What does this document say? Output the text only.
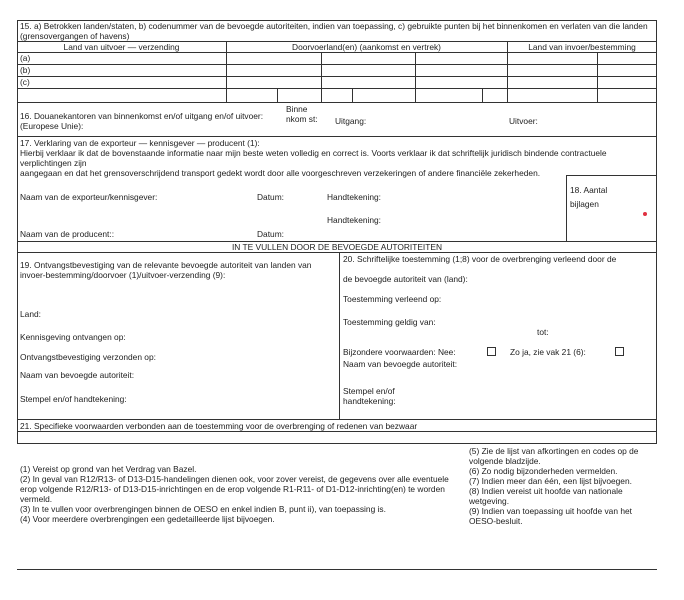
15. a) Betrokken landen/staten, b) codenummer van de bevoegde autoriteiten, indien van toepassing, c) gebruikte punten bij het binnenkomen en verlaten van die landen (grensovergangen of havens)
Land van uitvoer — verzending	Doorvoerland(en) (aankomst en vertrek)	Land van invoer/bestemming
(a)
(b)
(c)
16. Douanekantoren van binnenkomst en/of uitgang en/of uitvoer: (Europese Unie):
Binne nkom st:	Uitgang:	Uitvoer:
17. Verklaring van de exporteur — kennisgever — producent (1):
Hierbij verklaar ik dat de bovenstaande informatie naar mijn beste weten volledig en correct is. Voorts verklaar ik dat schriftelijk juridisch bindende contractuele verplichtingen zijn
aangegaan en dat het grensoverschrijdend transport gedekt wordt door alle voorgeschreven verzekeringen of andere financiële zekerheden.
Naam van de exporteur/kennisgever:	Datum:	Handtekening:
Handtekening:
Naam van de producent::	Datum:
18. Aantal bijlagen
IN TE VULLEN DOOR DE BEVOEGDE AUTORITEITEN
19. Ontvangstbevestiging van de relevante bevoegde autoriteit van landen van invoer-bestemming/doorvoer (1)/uitvoer-verzending (9):
Land:
Kennisgeving ontvangen op:
Ontvangstbevestiging verzonden op:
Naam van bevoegde autoriteit:
Stempel en/of handtekening:
20. Schriftelijke toestemming (1;8) voor de overbrenging verleend door de
de bevoegde autoriteit van (land):
Toestemming verleend op:
Toestemming geldig van:
tot:
Bijzondere voorwaarden: Nee:	Zo ja, zie vak 21 (6):
Naam van bevoegde autoriteit:
Stempel en/of handtekening:
21. Specifieke voorwaarden verbonden aan de toestemming voor de overbrenging of redenen van bezwaar
(1) Vereist op grond van het Verdrag van Bazel.
(2) In geval van R12/R13- of D13-D15-handelingen dienen ook, voor zover vereist, de gegevens over alle eventuele erop volgende R12/R13- of D13-D15-inrichtingen en de erop volgende R1-R11- of D1-D12-inrichting(en) te worden vermeld.
(3) In te vullen voor overbrengingen binnen de OESO en enkel indien B, punt ii), van toepassing is.
(4) Voor meerdere overbrengingen een gedetailleerde lijst bijvoegen.
(5) Zie de lijst van afkortingen en codes op de volgende bladzijde.
(6) Zo nodig bijzonderheden vermelden.
(7) Indien meer dan één, een lijst bijvoegen.
(8) Indien vereist uit hoofde van nationale wetgeving.
(9) Indien van toepassing uit hoofde van het OESO-besluit.
